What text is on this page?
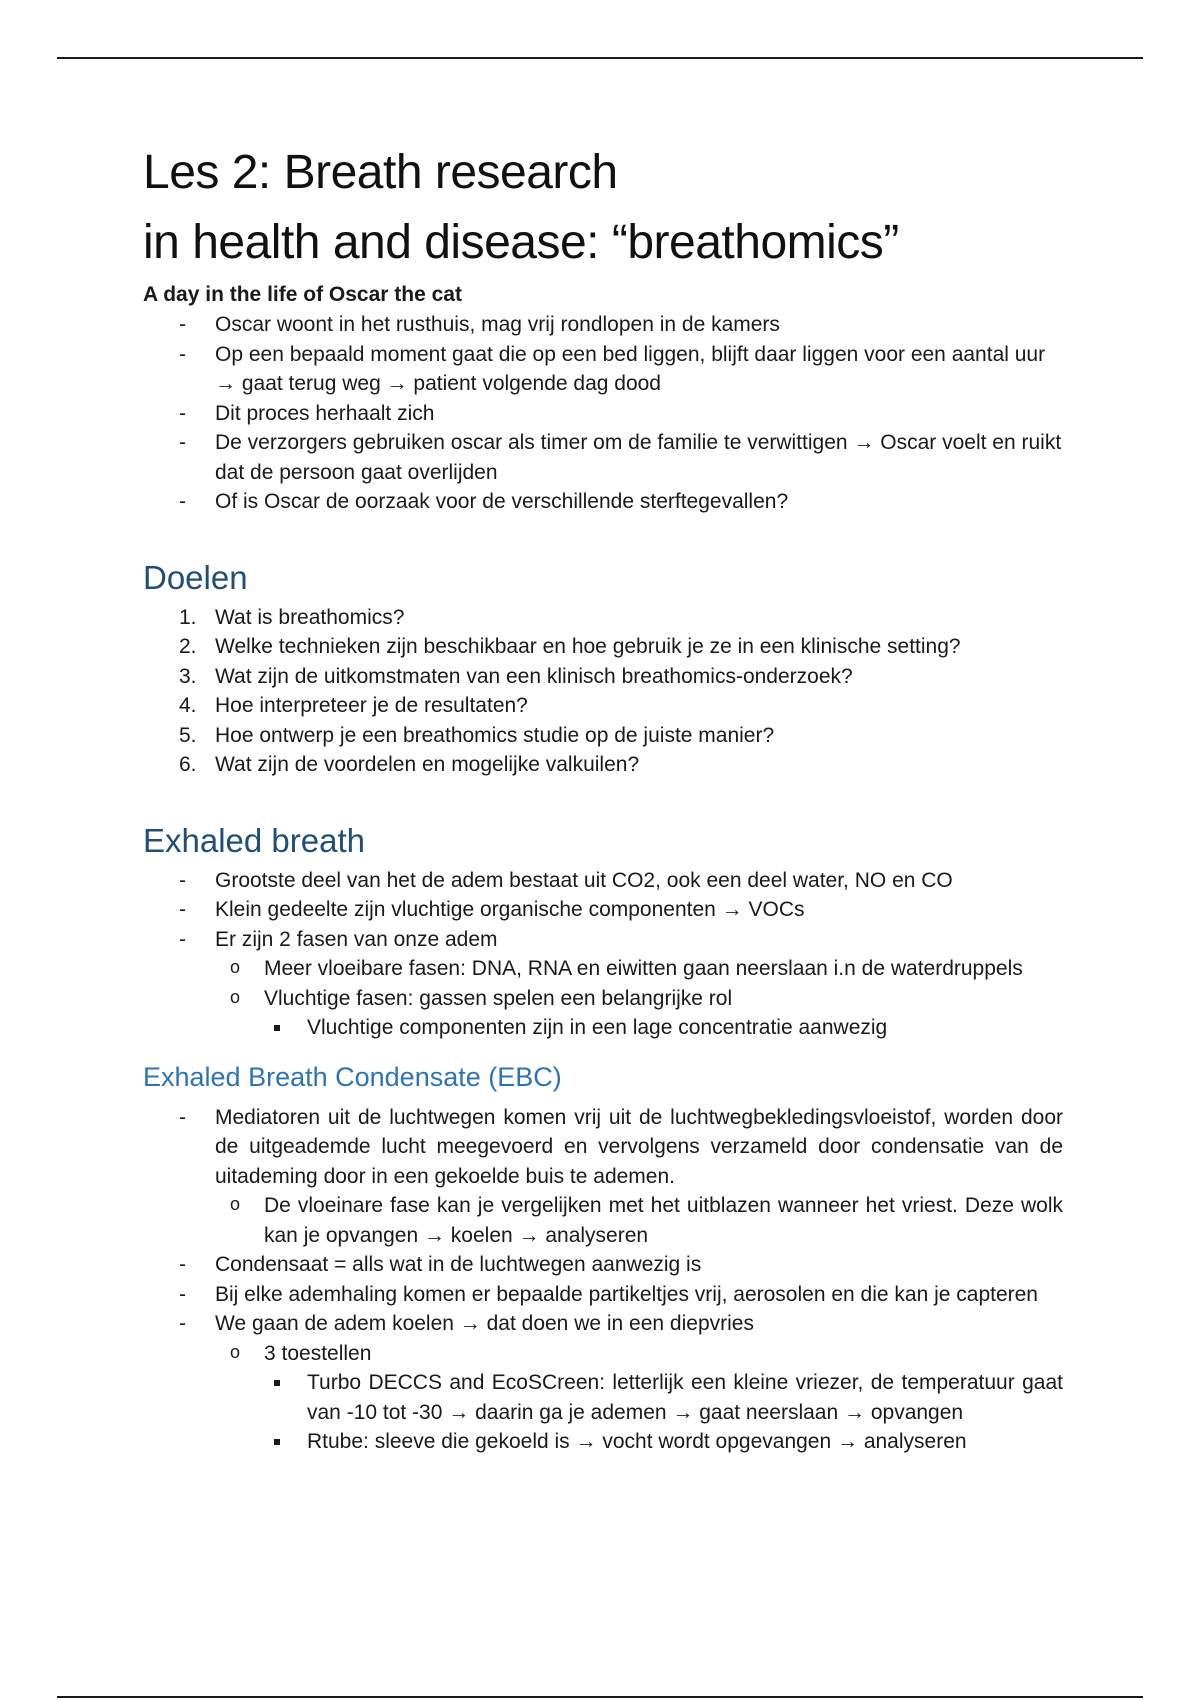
Les 2: Breath research
in health and disease: “breathomics”

A day in the life of Oscar the cat

- Oscar woont in het rusthuis, mag vrij rondlopen in de kamers
- Op een bepaald moment gaat die op een bed liggen, blijft daar liggen voor een aantal uur → gaat terug weg → patient volgende dag dood
- Dit proces herhaalt zich
- De verzorgers gebruiken oscar als timer om de familie te verwittigen → Oscar voelt en ruikt dat de persoon gaat overlijden
- Of is Oscar de oorzaak voor de verschillende sterftegevallen?
Doelen
1. Wat is breathomics?
2. Welke technieken zijn beschikbaar en hoe gebruik je ze in een klinische setting?
3. Wat zijn de uitkomstmaten van een klinisch breathomics-onderzoek?
4. Hoe interpreteer je de resultaten?
5. Hoe ontwerp je een breathomics studie op de juiste manier?
6. Wat zijn de voordelen en mogelijke valkuilen?
Exhaled breath
- Grootste deel van het de adem bestaat uit CO2, ook een deel water, NO en CO
- Klein gedeelte zijn vluchtige organische componenten → VOCs
- Er zijn 2 fasen van onze adem
o Meer vloeibare fasen: DNA, RNA en eiwitten gaan neerslaan i.n de waterdruppels
o Vluchtige fasen: gassen spelen een belangrijke rol
Vluchtige componenten zijn in een lage concentratie aanwezig
Exhaled Breath Condensate (EBC)
- Mediatoren uit de luchtwegen komen vrij uit de luchtwegbekledingsvloeistof, worden door de uitgeademde lucht meegevoerd en vervolgens verzameld door condensatie van de uitademing door in een gekoelde buis te ademen.
o De vloeinare fase kan je vergelijken met het uitblazen wanneer het vriest. Deze wolk kan je opvangen → koelen → analyseren
- Condensaat = alls wat in de luchtwegen aanwezig is
- Bij elke ademhaling komen er bepaalde partikeltjes vrij, aerosolen en die kan je capteren
- We gaan de adem koelen → dat doen we in een diepvries
o 3 toestellen
Turbo DECCS and EcoSCreen: letterlijk een kleine vriezer, de temperatuur gaat van -10 tot -30 → daarin ga je ademen → gaat neerslaan → opvangen
Rtube: sleeve die gekoeld is → vocht wordt opgevangen → analyseren
